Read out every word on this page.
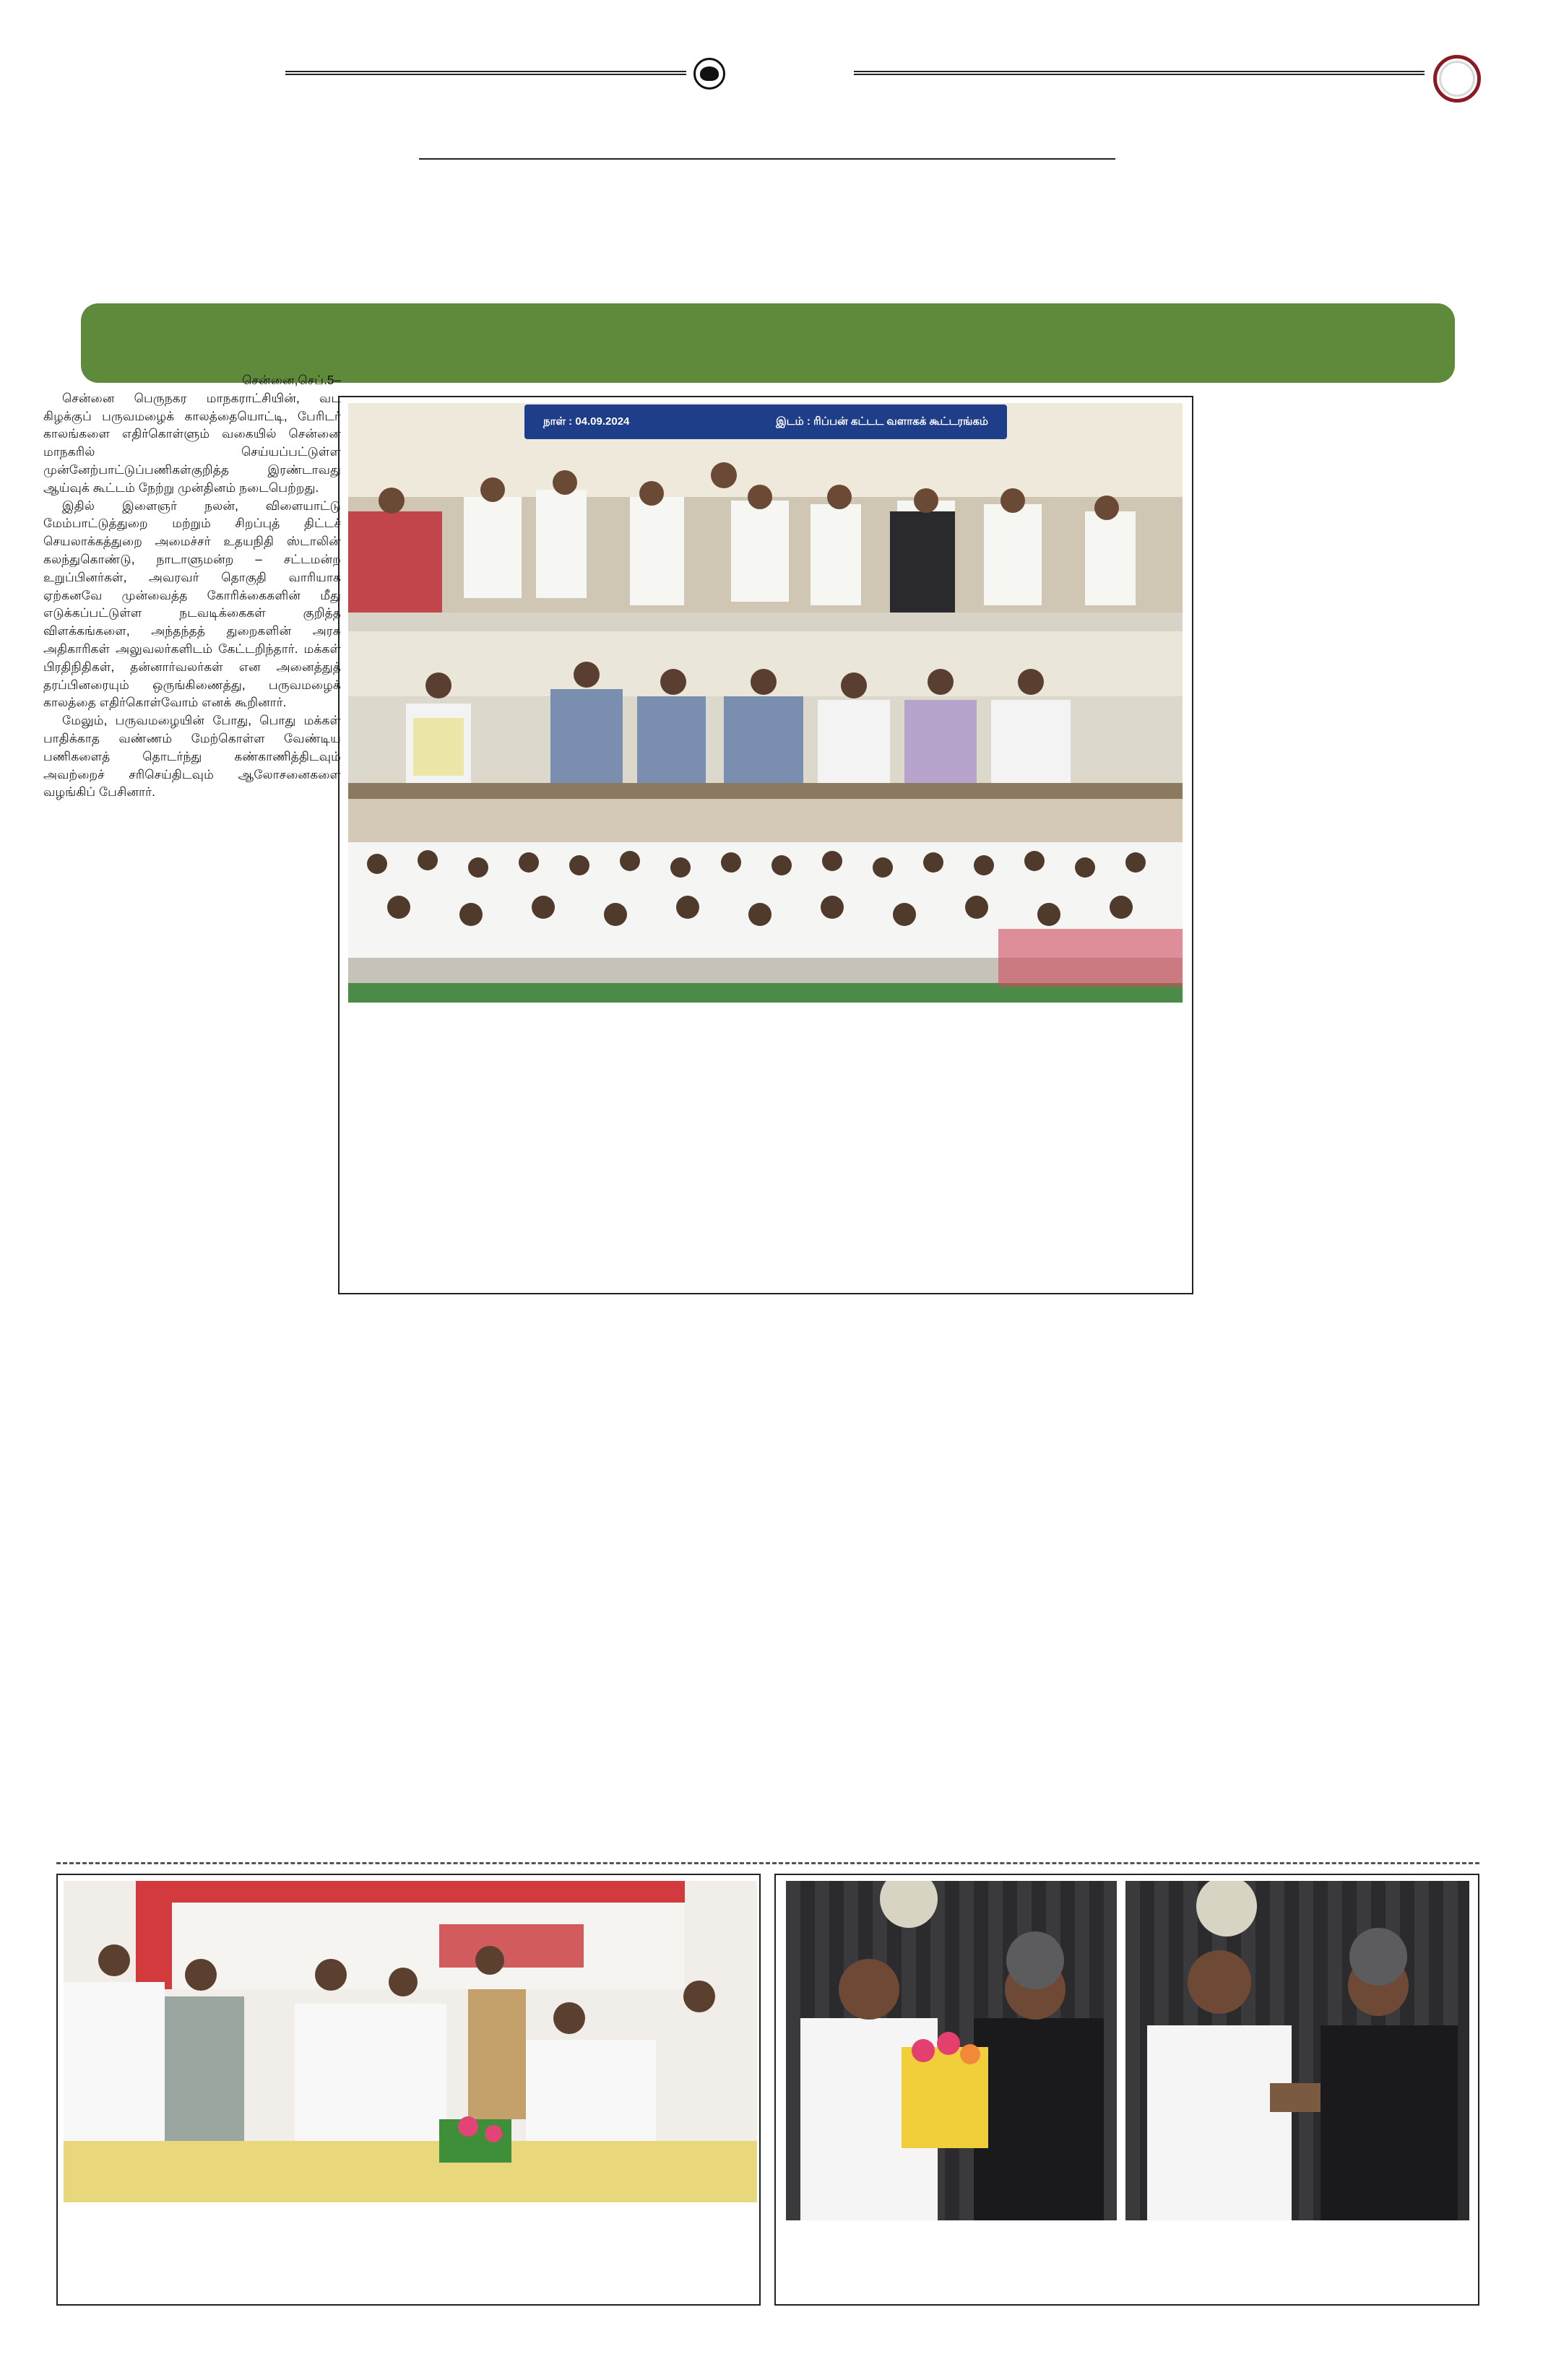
சென்னை,செப்.5–

சென்னை பெருநகர மாநகராட்சியின், வட கிழக்குப் பருவமழைக் காலத்தையொட்டி, பேரிடர் காலங்களை எதிர்கொள்ளும் வகையில் சென்னை மாநகரில் செய்யப்பட்டுள்ள முன்னேற்பாட்டுப்பணிகள்குறித்த இரண்டாவது ஆய்வுக் கூட்டம் நேற்று முன்தினம் நடைபெற்றது.

இதில் இளைஞர் நலன், விளையாட்டு மேம்பாட்டுத்துறை மற்றும் சிறப்புத் திட்டச் செயலாக்கத்துறை அமைச்சர் உதயநிதி ஸ்டாலின் கலந்துகொண்டு, நாடாளுமன்ற – சட்டமன்ற உறுப்பினர்கள், அவரவர் தொகுதி வாரியாக ஏற்கனவே முன்வைத்த கோரிக்கைகளின் மீது எடுக்கப்பட்டுள்ள நடவடிக்கைகள் குறித்த விளக்கங்களை, அந்தந்தத் துறைகளின் அரசு அதிகாரிகள் அலுவலர்களிடம் கேட்டறிந்தார். மக்கள் பிரதிநிதிகள், தன்னார்வலர்கள் என அனைத்துத் தரப்பினரையும் ஒருங்கிணைத்து, பருவமழைக் காலத்தை எதிர்கொள்வோம் எனக் கூறினார்.

மேலும், பருவமழையின் போது, பொது மக்கள் பாதிக்காத வண்ணம் மேற்கொள்ள வேண்டிய பணிகளைத் தொடர்ந்து கண்காணித்திடவும் அவற்றைச் சரிசெய்திடவும் ஆலோசனைகளை வழங்கிப் பேசினார்.

நாள் : 04.09.2024	இடம் : ரிப்பன் கட்டட வளாகக் கூட்டரங்கம்
